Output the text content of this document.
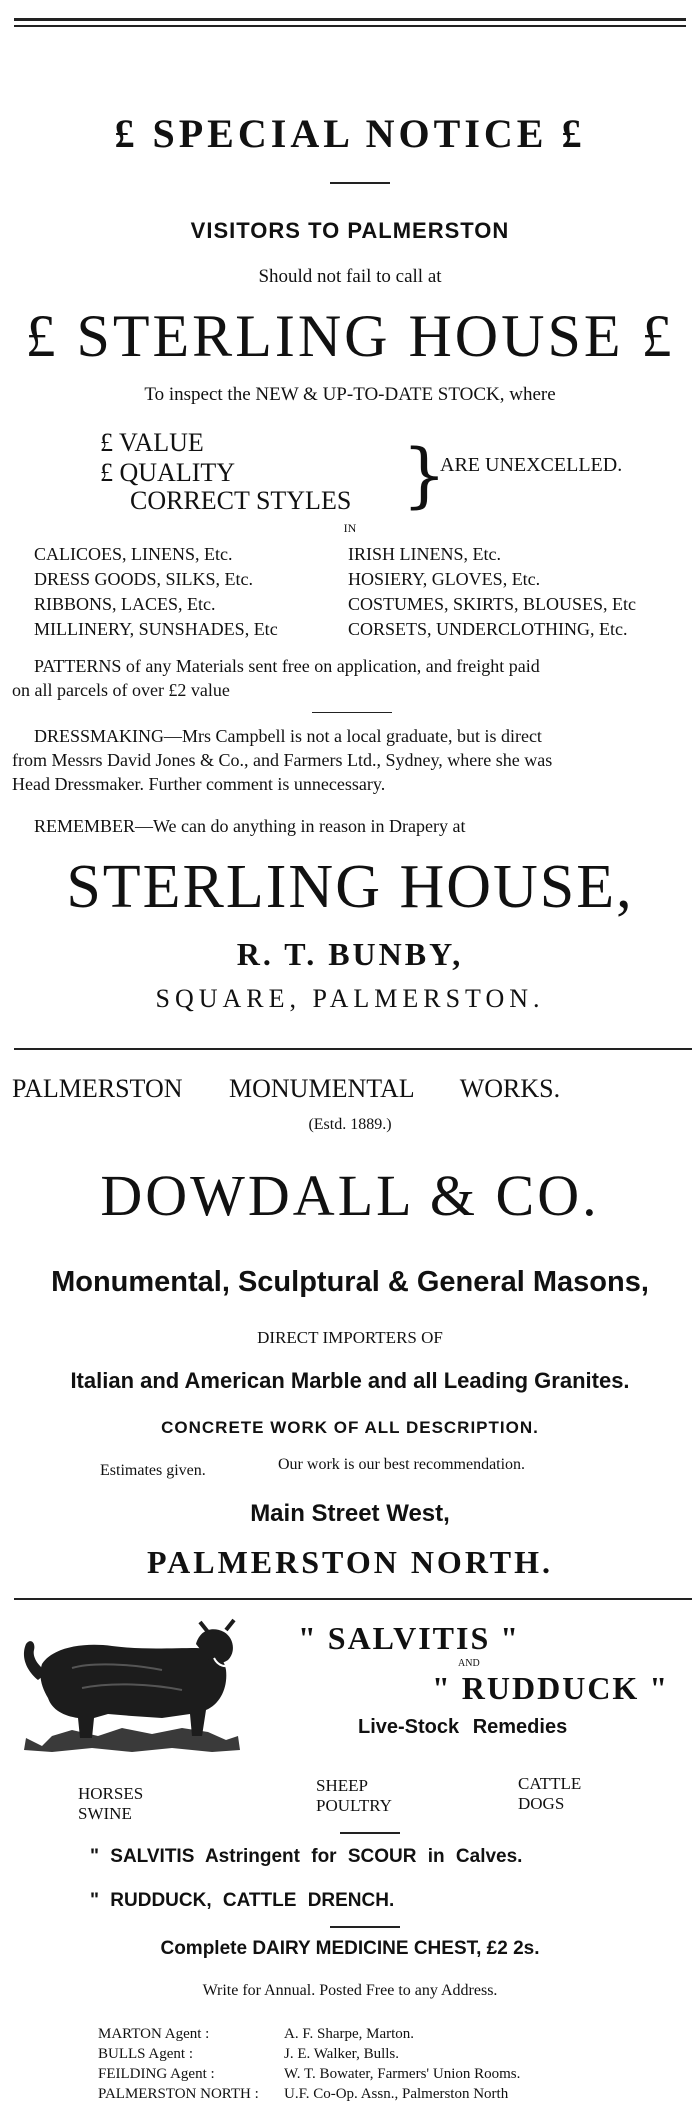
£ SPECIAL NOTICE £
VISITORS TO PALMERSTON
Should not fail to call at
£ STERLING HOUSE £
To inspect the NEW & UP-TO-DATE STOCK, where
£ VALUE
£ QUALITY
CORRECT STYLES }
ARE UNEXCELLED.
IN
CALICOES, LINENS, Etc.
DRESS GOODS, SILKS, Etc.
RIBBONS, LACES, Etc.
MILLINERY, SUNSHADES, Etc
IRISH LINENS, Etc.
HOSIERY, GLOVES, Etc.
COSTUMES, SKIRTS, BLOUSES, Etc
CORSETS, UNDERCLOTHING, Etc.
PATTERNS of any Materials sent free on application, and freight paid
on all parcels of over £2 value
DRESSMAKING—Mrs Campbell is not a local graduate, but is direct
from Messrs David Jones & Co., and Farmers Ltd., Sydney, where she was
Head Dressmaker. Further comment is unnecessary.
REMEMBER—We can do anything in reason in Drapery at
STERLING HOUSE,
R. T. BUNBY,
SQUARE, PALMERSTON.
PALMERSTON MONUMENTAL WORKS.
(Estd. 1889.)
DOWDALL & CO.
Monumental, Sculptural & General Masons,
DIRECT IMPORTERS OF
Italian and American Marble and all Leading Granites.
CONCRETE WORK OF ALL DESCRIPTION.
Estimates given.	Our work is our best recommendation.
Main Street West,
PALMERSTON NORTH.
" SALVITIS "
AND
" RUDDUCK "
Live-Stock Remedies
HORSES
SWINE
SHEEP
POULTRY
CATTLE
DOGS
" SALVITIS Astringent for SCOUR in Calves.
" RUDDUCK, CATTLE DRENCH.
Complete DAIRY MEDICINE CHEST, £2 2s.
Write for Annual. Posted Free to any Address.
MARTON Agent :
BULLS Agent :
FEILDING Agent :
PALMERSTON NORTH :
A. F. Sharpe, Marton.
J. E. Walker, Bulls.
W. T. Bowater, Farmers' Union Rooms.
U.F. Co-Op. Assn., Palmerston North
